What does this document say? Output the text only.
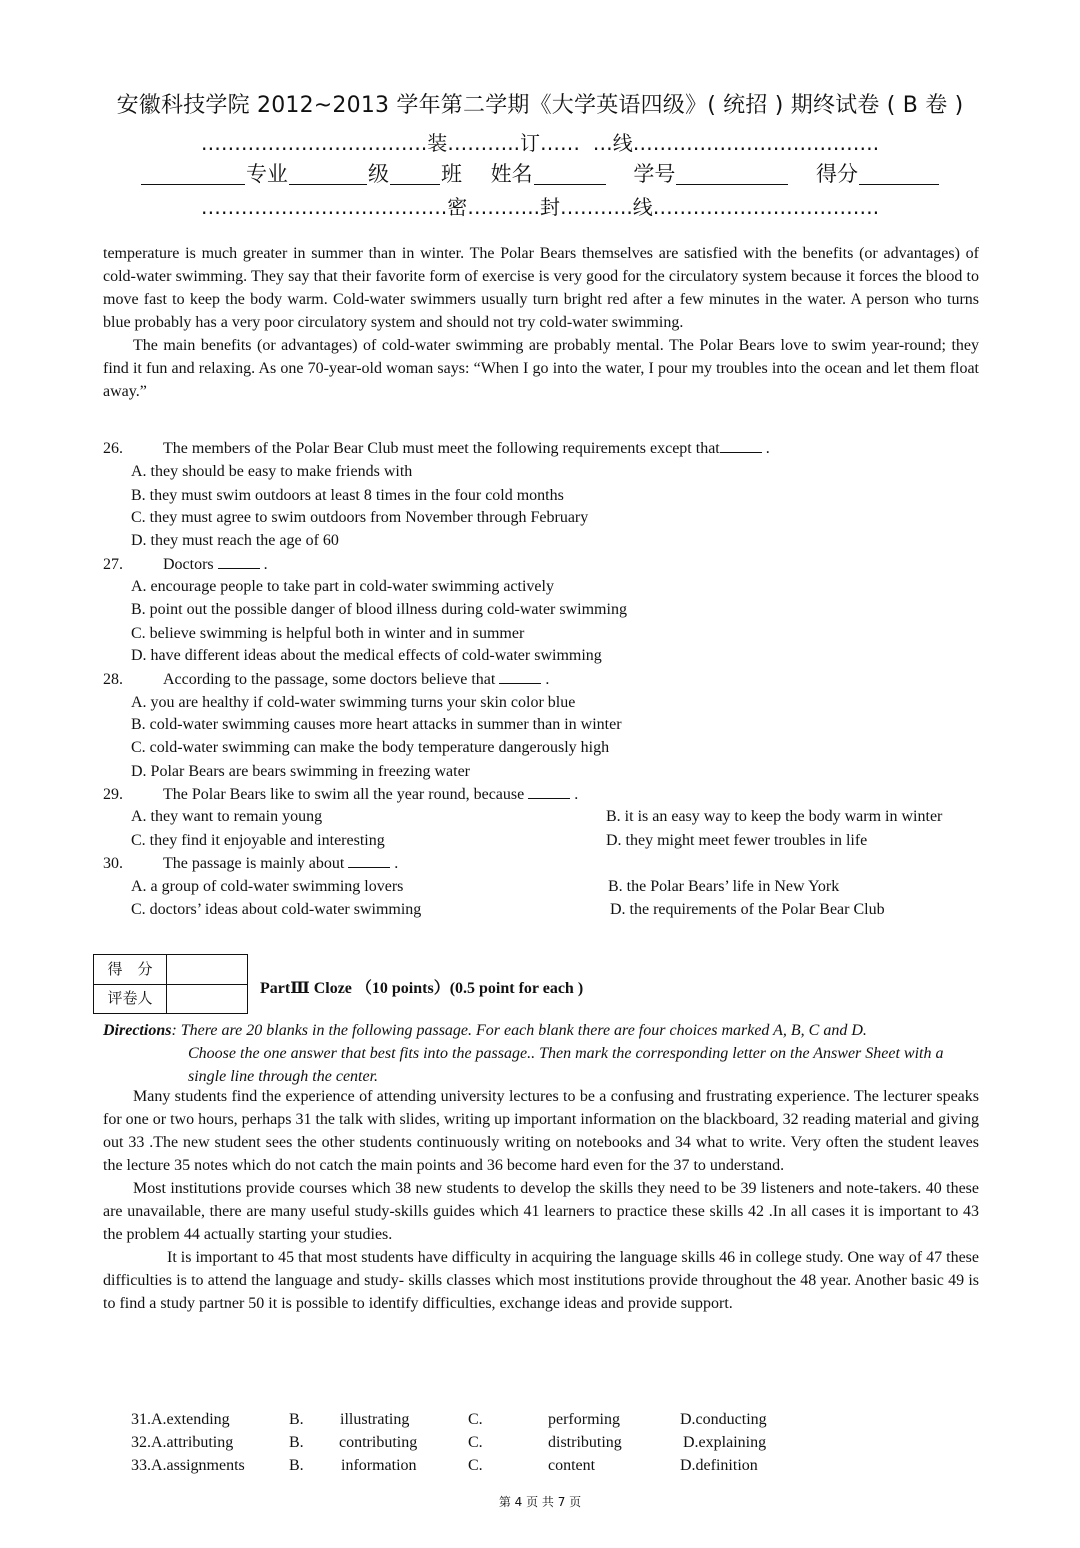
安徽科技学院 2012~2013 学年第二学期《大学英语四级》( 统招 ) 期终试卷 ( B 卷 )
…………………………….装………..订……  …线……………………………….
专业	级 班 姓名	学号	得分
……………………………….密………..封………..线…………………………….

temperature is much greater in summer than in winter. The Polar Bears themselves are satisfied with the benefits (or advantages) of cold-water swimming. They say that their favorite form of exercise is very good for the circulatory system because it forces the blood to move fast to keep the body warm. Cold-water swimmers usually turn bright red after a few minutes in the water. A person who turns blue probably has a very poor circulatory system and should not try cold-water swimming.

The main benefits (or advantages) of cold-water swimming are probably mental. The Polar Bears love to swim year-round; they find it fun and relaxing. As one 70-year-old woman says: “When I go into the water, I pour my troubles into the ocean and let them float away.”

26.	The members of the Polar Bear Club must meet the following requirements except that	.
A. they should be easy to make friends with
B. they must swim outdoors at least 8 times in the four cold months
C. they must agree to swim outdoors from November through February
D. they must reach the age of 60
27.	Doctors	.
A. encourage people to take part in cold-water swimming actively
B. point out the possible danger of blood illness during cold-water swimming
C. believe swimming is helpful both in winter and in summer
D. have different ideas about the medical effects of cold-water swimming
28.	According to the passage, some doctors believe that	.
A. you are healthy if cold-water swimming turns your skin color blue
B. cold-water swimming causes more heart attacks in summer than in winter
C. cold-water swimming can make the body temperature dangerously high
D. Polar Bears are bears swimming in freezing water
29.	The Polar Bears like to swim all the year round, because	.
A. they want to remain young	B. it is an easy way to keep the body warm in winter
C. they find it enjoyable and interesting	D. they might meet fewer troubles in life
30.	The passage is mainly about	.
A. a group of cold-water swimming lovers	B. the Polar Bears’ life in New York
C. doctors’ ideas about cold-water swimming	D. the requirements of the Polar Bear Club
得　分
评卷人
PartⅢ Cloze （10 points）(0.5 point for each )
Directions: There are 20 blanks in the following passage. For each blank there are four choices marked A, B, C and D.
Choose the one answer that best fits into the passage.. Then mark the corresponding letter on the Answer Sheet with a single line through the center.

Many students find the experience of attending university lectures to be a confusing and frustrating experience. The lecturer speaks for one or two hours, perhaps 31 the talk with slides, writing up important information on the blackboard, 32 reading material and giving out 33 .The new student sees the other students continuously writing on notebooks and 34 what to write. Very often the student leaves the lecture 35 notes which do not catch the main points and 36 become hard even for the 37 to understand.

Most institutions provide courses which 38 new students to develop the skills they need to be 39 listeners and note-takers. 40 these are unavailable, there are many useful study-skills guides which 41 learners to practice these skills 42 .In all cases it is important to 43 the problem 44 actually starting your studies.

It is important to 45 that most students have difficulty in acquiring the language skills 46 in college study. One way of 47 these difficulties is to attend the language and study- skills classes which most institutions provide throughout the 48 year. Another basic 49 is to find a study partner 50 it is possible to identify difficulties, exchange ideas and provide support.

31.A.extending	B. illustrating	C.	performing	D.conducting
32.A.attributing	B. contributing	C.	distributing	D.explaining
33.A.assignments	B. information	C.	content	D.definition
第 4 页 共 7 页
